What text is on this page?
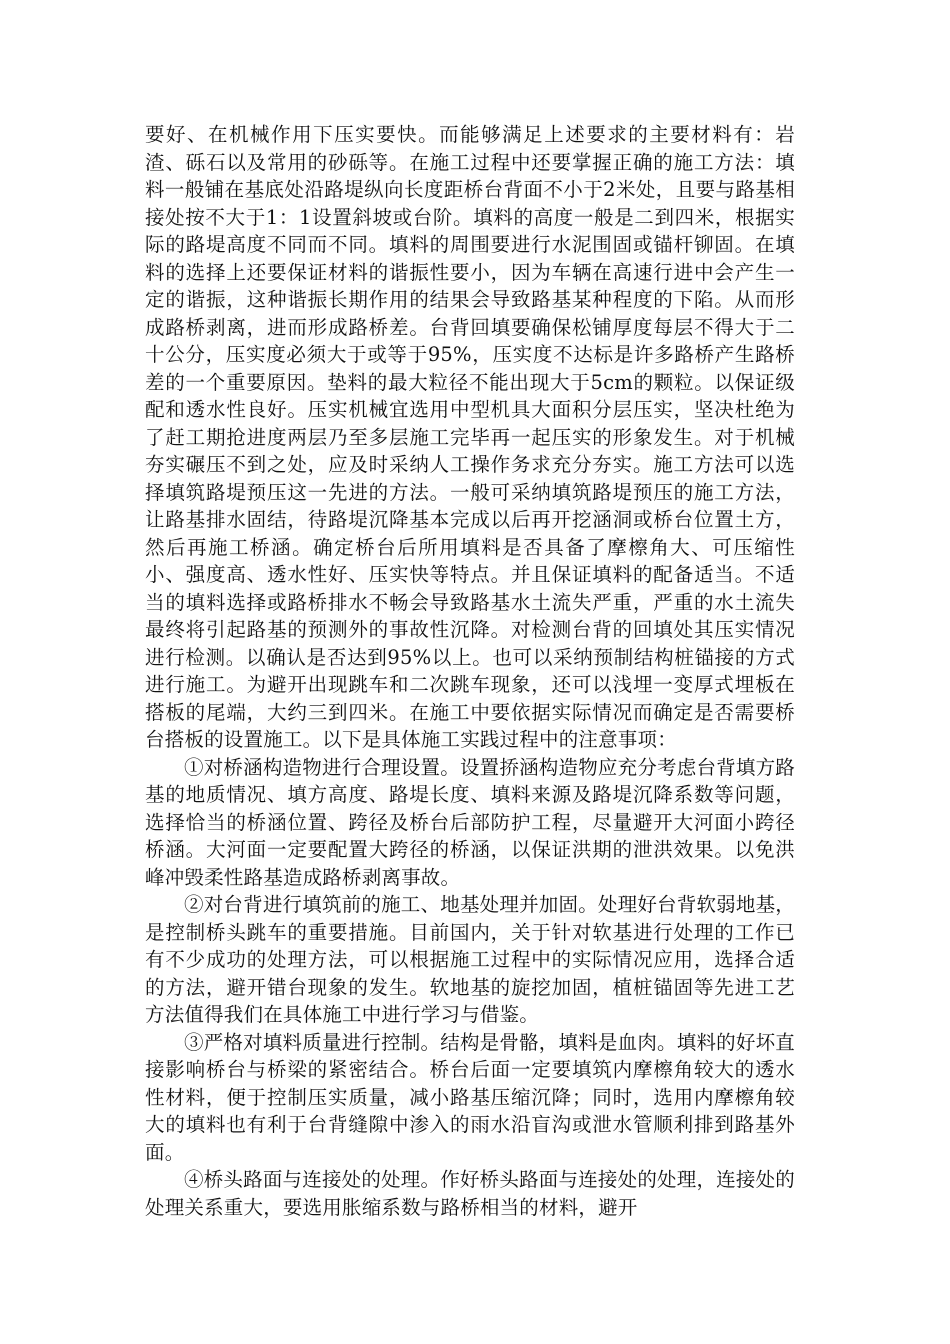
要好、在机械作用下压实要快。而能够满足上述要求的主要材料有：岩渣、砾石以及常用的砂砾等。在施工过程中还要掌握正确的施工方法：填料一般铺在基底处沿路堤纵向长度距桥台背面不小于2米处，且要与路基相接处按不大于1：1设置斜坡或台阶。填料的高度一般是二到四米，根据实际的路堤高度不同而不同。填料的周围要进行水泥围固或锚杆铆固。在填料的选择上还要保证材料的谐振性要小，因为车辆在高速行进中会产生一定的谐振，这种谐振长期作用的结果会导致路基某种程度的下陷。从而形成路桥剥离，进而形成路桥差。台背回填要确保松铺厚度每层不得大于二十公分，压实度必须大于或等于95%，压实度不达标是许多路桥产生路桥差的一个重要原因。垫料的最大粒径不能出现大于5cm的颗粒。以保证级配和透水性良好。压实机械宜选用中型机具大面积分层压实，坚决杜绝为了赶工期抢进度两层乃至多层施工完毕再一起压实的形象发生。对于机械夯实碾压不到之处，应及时采纳人工操作务求充分夯实。施工方法可以选择填筑路堤预压这一先进的方法。一般可采纳填筑路堤预压的施工方法，让路基排水固结，待路堤沉降基本完成以后再开挖涵洞或桥台位置土方，然后再施工桥涵。确定桥台后所用填料是否具备了摩檫角大、可压缩性小、强度高、透水性好、压实快等特点。并且保证填料的配备适当。不适当的填料选择或路桥排水不畅会导致路基水土流失严重，严重的水土流失最终将引起路基的预测外的事故性沉降。对检测台背的回填处其压实情况进行检测。以确认是否达到95%以上。也可以采纳预制结构桩锚接的方式进行施工。为避开出现跳车和二次跳车现象，还可以浅埋一变厚式埋板在搭板的尾端，大约三到四米。在施工中要依据实际情况而确定是否需要桥台搭板的设置施工。以下是具体施工实践过程中的注意事项：

①对桥涵构造物进行合理设置。设置挢涵构造物应充分考虑台背填方路基的地质情况、填方高度、路堤长度、填料来源及路堤沉降系数等问题，选择恰当的桥涵位置、跨径及桥台后部防护工程，尽量避开大河面小跨径桥涵。大河面一定要配置大跨径的桥涵，以保证洪期的泄洪效果。以免洪峰冲毁柔性路基造成路桥剥离事故。

②对台背进行填筑前的施工、地基处理并加固。处理好台背软弱地基，是控制桥头跳车的重要措施。目前国内，关于针对软基进行处理的工作已有不少成功的处理方法，可以根据施工过程中的实际情况应用，选择合适的方法，避开错台现象的发生。软地基的旋挖加固，植桩锚固等先进工艺方法值得我们在具体施工中进行学习与借鉴。

③严格对填料质量进行控制。结构是骨骼，填料是血肉。填料的好坏直接影响桥台与桥梁的紧密结合。桥台后面一定要填筑内摩檫角较大的透水性材料，便于控制压实质量，减小路基压缩沉降；同时，选用内摩檫角较大的填料也有利于台背缝隙中渗入的雨水沿盲沟或泄水管顺利排到路基外面。

④桥头路面与连接处的处理。作好桥头路面与连接处的处理，连接处的处理关系重大，要选用胀缩系数与路桥相当的材料，避开
